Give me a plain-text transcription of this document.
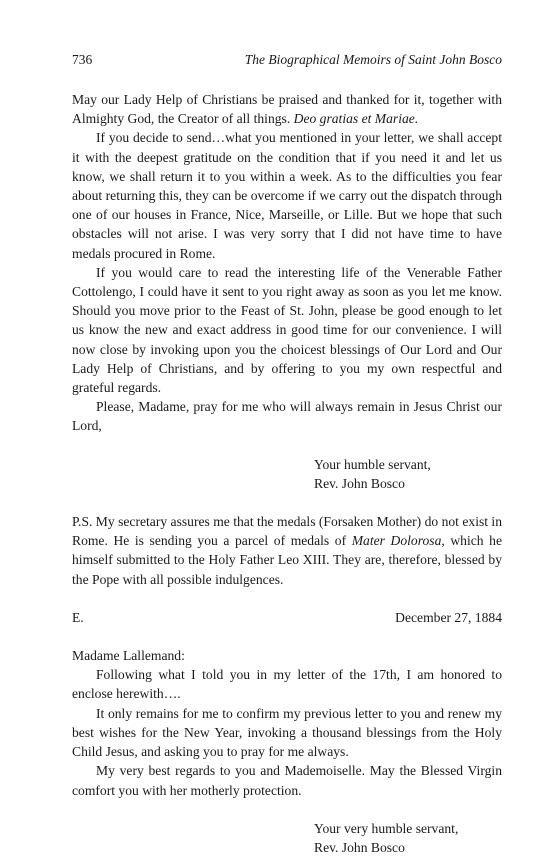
736	The Biographical Memoirs of Saint John Bosco

May our Lady Help of Christians be praised and thanked for it, together with Almighty God, the Creator of all things. Deo gratias et Mariae.

If you decide to send…what you mentioned in your letter, we shall accept it with the deepest gratitude on the condition that if you need it and let us know, we shall return it to you within a week. As to the difficulties you fear about returning this, they can be overcome if we carry out the dispatch through one of our houses in France, Nice, Marseille, or Lille. But we hope that such obstacles will not arise. I was very sorry that I did not have time to have medals procured in Rome.

If you would care to read the interesting life of the Venerable Father Cottolengo, I could have it sent to you right away as soon as you let me know. Should you move prior to the Feast of St. John, please be good enough to let us know the new and exact address in good time for our convenience. I will now close by invoking upon you the choicest blessings of Our Lord and Our Lady Help of Christians, and by offering to you my own respectful and grateful regards.

Please, Madame, pray for me who will always remain in Jesus Christ our Lord,

Your humble servant,
Rev. John Bosco

P.S. My secretary assures me that the medals (Forsaken Mother) do not exist in Rome. He is sending you a parcel of medals of Mater Dolorosa, which he himself submitted to the Holy Father Leo XIII. They are, therefore, blessed by the Pope with all possible indulgences.

E.	December 27, 1884

Madame Lallemand:

Following what I told you in my letter of the 17th, I am honored to enclose herewith….

It only remains for me to confirm my previous letter to you and renew my best wishes for the New Year, invoking a thousand blessings from the Holy Child Jesus, and asking you to pray for me always.

My very best regards to you and Mademoiselle. May the Blessed Virgin comfort you with her motherly protection.

Your very humble servant,
Rev. John Bosco
